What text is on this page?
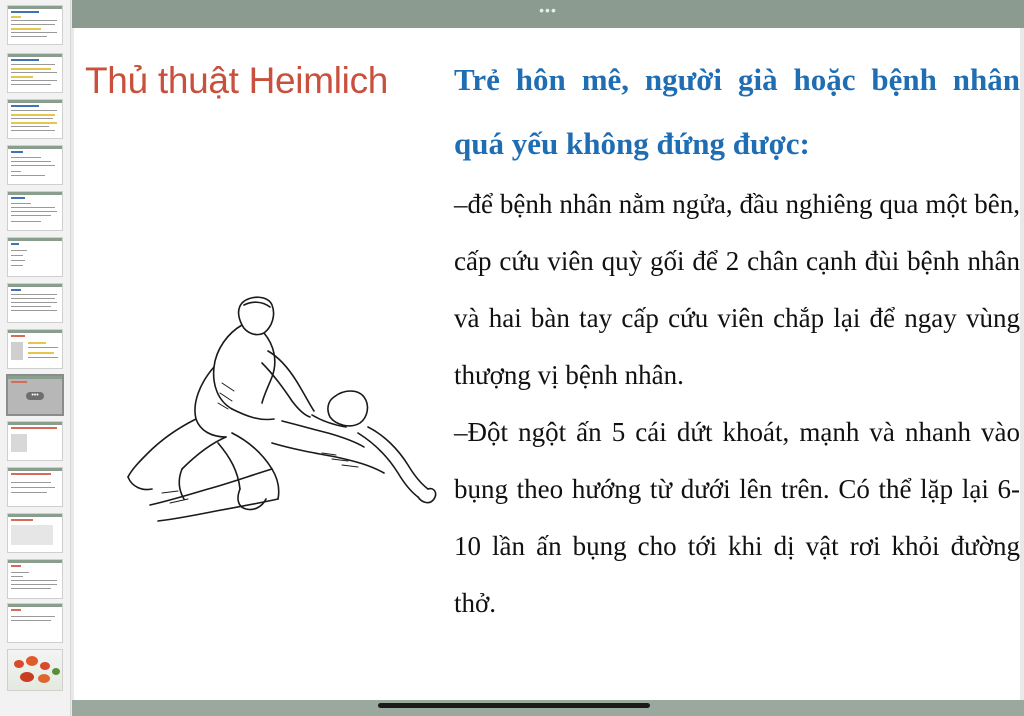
•••
•••
Thủ thuật Heimlich Trẻ hôn mê, người già hoặc bệnh nhân quá yếu không đứng được:

–để bệnh nhân nằm ngửa, đầu nghiêng qua một bên, cấp cứu viên quỳ gối để 2 chân cạnh đùi bệnh nhân và hai bàn tay cấp cứu viên chắp lại để ngay vùng thượng vị bệnh nhân.

–Đột ngột ấn 5 cái dứt khoát, mạnh và nhanh vào bụng theo hướng từ dưới lên trên. Có thể lặp lại 6-10 lần ấn bụng cho tới khi dị vật rơi khỏi đường thở.
